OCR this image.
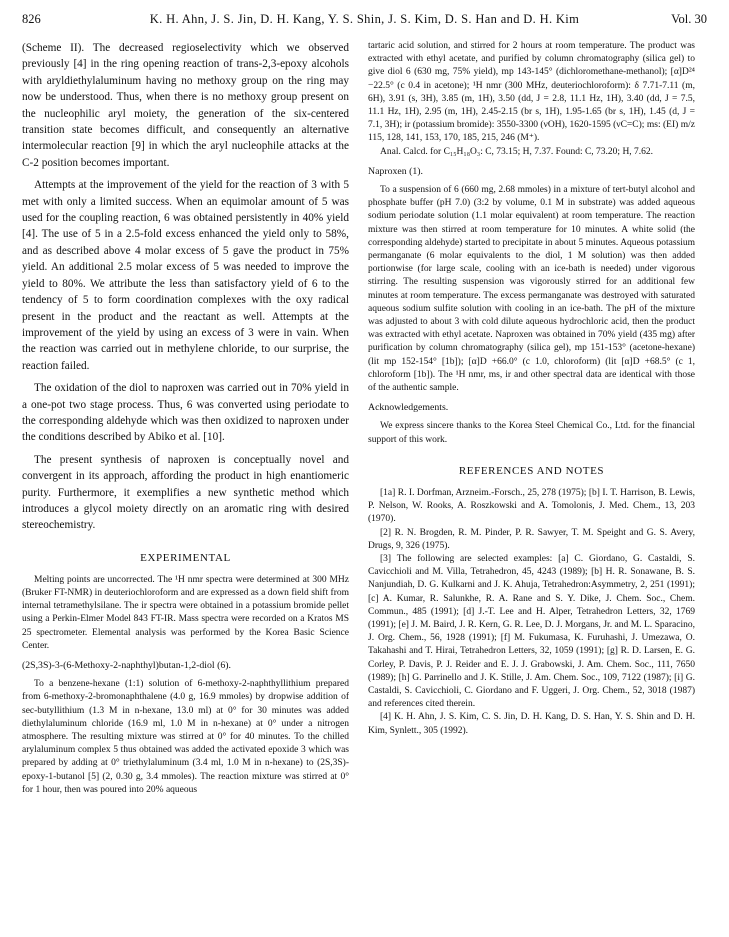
826	K. H. Ahn, J. S. Jin, D. H. Kang, Y. S. Shin, J. S. Kim, D. S. Han and D. H. Kim	Vol. 30

(Scheme II). The decreased regioselectivity which we observed previously [4] in the ring opening reaction of trans-2,3-epoxy alcohols with aryldiethylaluminum having no methoxy group on the ring may now be understood. Thus, when there is no methoxy group present on the nucleophilic aryl moiety, the generation of the six-centered transition state becomes difficult, and consequently an alternative intermolecular reaction [9] in which the aryl nucleophile attacks at the C-2 position becomes important.

Attempts at the improvement of the yield for the reaction of 3 with 5 met with only a limited success. When an equimolar amount of 5 was used for the coupling reaction, 6 was obtained persistently in 40% yield [4]. The use of 5 in a 2.5-fold excess enhanced the yield only to 58%, and as described above 4 molar excess of 5 gave the product in 75% yield. An additional 2.5 molar excess of 5 was needed to improve the yield to 80%. We attribute the less than satisfactory yield of 6 to the tendency of 5 to form coordination complexes with the oxy radical present in the product and the reactant as well. Attempts at the improvement of the yield by using an excess of 3 were in vain. When the reaction was carried out in methylene chloride, to our surprise, the reaction failed.

The oxidation of the diol to naproxen was carried out in 70% yield in a one-pot two stage process. Thus, 6 was converted using periodate to the corresponding aldehyde which was then oxidized to naproxen under the conditions described by Abiko et al. [10].

The present synthesis of naproxen is conceptually novel and convergent in its approach, affording the product in high enantiomeric purity. Furthermore, it exemplifies a new synthetic method which introduces a glycol moiety directly on an aromatic ring with desired stereochemistry.

EXPERIMENTAL

Melting points are uncorrected. The ¹H nmr spectra were determined at 300 MHz (Bruker FT-NMR) in deuteriochloroform and are expressed as a down field shift from internal tetramethylsilane. The ir spectra were obtained in a potassium bromide pellet using a Perkin-Elmer Model 843 FT-IR. Mass spectra were recorded on a Kratos MS 25 spectrometer. Elemental analysis was performed by the Korea Basic Science Center.

(2S,3S)-3-(6-Methoxy-2-naphthyl)butan-1,2-diol (6).

To a benzene-hexane (1:1) solution of 6-methoxy-2-naphthyllithium prepared from 6-methoxy-2-bromonaphthalene (4.0 g, 16.9 mmoles) by dropwise addition of sec-butyllithium (1.3 M in n-hexane, 13.0 ml) at 0° for 30 minutes was added diethylaluminum chloride (16.9 ml, 1.0 M in n-hexane) at 0° under a nitrogen atmosphere. The resulting mixture was stirred at 0° for 40 minutes. To the chilled arylaluminum complex 5 thus obtained was added the activated epoxide 3 which was prepared by adding at 0° triethylaluminum (3.4 ml, 1.0 M in n-hexane) to (2S,3S)-epoxy-1-butanol [5] (2, 0.30 g, 3.4 mmoles). The reaction mixture was stirred at 0° for 1 hour, then was poured into 20% aqueous

tartaric acid solution, and stirred for 2 hours at room temperature. The product was extracted with ethyl acetate, and purified by column chromatography (silica gel) to give diol 6 (630 mg, 75% yield), mp 143-145° (dichloromethane-methanol); [α]D²⁴ −22.5° (c 0.4 in acetone); ¹H nmr (300 MHz, deuteriochloroform): δ 7.71-7.11 (m, 6H), 3.91 (s, 3H), 3.85 (m, 1H), 3.50 (dd, J = 2.8, 11.1 Hz, 1H), 3.40 (dd, J = 7.5, 11.1 Hz, 1H), 2.95 (m, 1H), 2.45-2.15 (br s, 1H), 1.95-1.65 (br s, 1H), 1.45 (d, J = 7.1, 3H); ir (potassium bromide): 3550-3300 (νOH), 1620-1595 (νC=C); ms: (EI) m/z 115, 128, 141, 153, 170, 185, 215, 246 (M⁺).

Anal. Calcd. for C₁₅H₁₈O₃: C, 73.15; H, 7.37. Found: C, 73.20; H, 7.62.

Naproxen (1).

To a suspension of 6 (660 mg, 2.68 mmoles) in a mixture of tert-butyl alcohol and phosphate buffer (pH 7.0) (3:2 by volume, 0.1 M in substrate) was added aqueous sodium periodate solution (1.1 molar equivalent) at room temperature. The reaction mixture was then stirred at room temperature for 10 minutes. A white solid (the corresponding aldehyde) started to precipitate in about 5 minutes. Aqueous potassium permanganate (6 molar equivalents to the diol, 1 M solution) was then added portionwise (for large scale, cooling with an ice-bath is needed) under vigorous stirring. The resulting suspension was vigorously stirred for an additional few minutes at room temperature. The excess permanganate was destroyed with saturated aqueous sodium sulfite solution with cooling in an ice-bath. The pH of the mixture was adjusted to about 3 with cold dilute aqueous hydrochloric acid, then the product was extracted with ethyl acetate. Naproxen was obtained in 70% yield (435 mg) after purification by column chromatography (silica gel), mp 151-153° (acetone-hexane) (lit mp 152-154° [1b]); [α]D +66.0° (c 1.0, chloroform) (lit [α]D +68.5° (c 1, chloroform [1b]). The ¹H nmr, ms, ir and other spectral data are identical with those of the authentic sample.

Acknowledgements.

We express sincere thanks to the Korea Steel Chemical Co., Ltd. for the financial support of this work.

REFERENCES AND NOTES

[1a] R. I. Dorfman, Arzneim.-Forsch., 25, 278 (1975); [b] I. T. Harrison, B. Lewis, P. Nelson, W. Rooks, A. Roszkowski and A. Tomolonis, J. Med. Chem., 13, 203 (1970).

[2] R. N. Brogden, R. M. Pinder, P. R. Sawyer, T. M. Speight and G. S. Avery, Drugs, 9, 326 (1975).

[3] The following are selected examples: [a] C. Giordano, G. Castaldi, S. Cavicchioli and M. Villa, Tetrahedron, 45, 4243 (1989); [b] H. R. Sonawane, B. S. Nanjundiah, D. G. Kulkarni and J. K. Ahuja, Tetrahedron:Asymmetry, 2, 251 (1991); [c] A. Kumar, R. Salunkhe, R. A. Rane and S. Y. Dike, J. Chem. Soc., Chem. Commun., 485 (1991); [d] J.-T. Lee and H. Alper, Tetrahedron Letters, 32, 1769 (1991); [e] J. M. Baird, J. R. Kern, G. R. Lee, D. J. Morgans, Jr. and M. L. Sparacino, J. Org. Chem., 56, 1928 (1991); [f] M. Fukumasa, K. Furuhashi, J. Umezawa, O. Takahashi and T. Hirai, Tetrahedron Letters, 32, 1059 (1991); [g] R. D. Larsen, E. G. Corley, P. Davis, P. J. Reider and E. J. J. Grabowski, J. Am. Chem. Soc., 111, 7650 (1989); [h] G. Parrinello and J. K. Stille, J. Am. Chem. Soc., 109, 7122 (1987); [i] G. Castaldi, S. Cavicchioli, C. Giordano and F. Uggeri, J. Org. Chem., 52, 3018 (1987) and references cited therein.

[4] K. H. Ahn, J. S. Kim, C. S. Jin, D. H. Kang, D. S. Han, Y. S. Shin and D. H. Kim, Synlett., 305 (1992).
